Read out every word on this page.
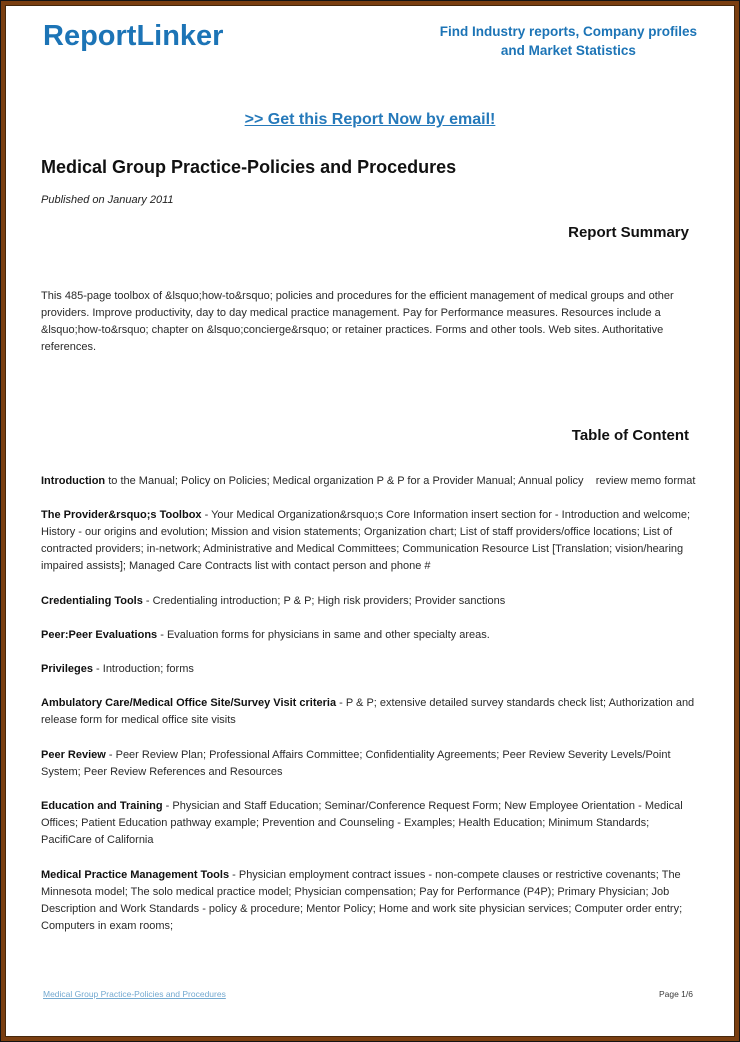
ReportLinker	Find Industry reports, Company profiles
and Market Statistics
>> Get this Report Now by email!
Medical Group Practice-Policies and Procedures
Published on January 2011
Report Summary
This 485-page toolbox of &lsquo;how-to&rsquo; policies and procedures for the efficient management of medical groups and other providers. Improve productivity, day to day medical practice management. Pay for Performance measures. Resources include a &lsquo;how-to&rsquo; chapter on &lsquo;concierge&rsquo; or retainer practices. Forms and other tools. Web sites. Authoritative references.
Table of Content
Introduction to the Manual; Policy on Policies; Medical organization P & P for a Provider Manual; Annual policy    review memo format
The Provider&rsquo;s Toolbox - Your Medical Organization&rsquo;s Core Information insert section for - Introduction and welcome; History - our origins and evolution; Mission and vision statements; Organization chart; List of staff providers/office locations; List of contracted providers; in-network; Administrative and Medical Committees; Communication Resource List [Translation; vision/hearing impaired assists]; Managed Care Contracts list with contact person and phone #
Credentialing Tools - Credentialing introduction; P & P; High risk providers; Provider sanctions
Peer:Peer Evaluations - Evaluation forms for physicians in same and other specialty areas.
Privileges - Introduction; forms
Ambulatory Care/Medical Office Site/Survey Visit criteria - P & P; extensive detailed survey standards check list; Authorization and release form for medical office site visits
Peer Review - Peer Review Plan; Professional Affairs Committee; Confidentiality Agreements; Peer Review Severity Levels/Point System; Peer Review References and Resources
Education and Training - Physician and Staff Education; Seminar/Conference Request Form; New Employee Orientation - Medical Offices; Patient Education pathway example; Prevention and Counseling - Examples; Health Education; Minimum Standards; PacifiCare of California
Medical Practice Management Tools - Physician employment contract issues - non-compete clauses or restrictive covenants; The Minnesota model; The solo medical practice model; Physician compensation; Pay for Performance (P4P); Primary Physician; Job Description and Work Standards - policy & procedure; Mentor Policy; Home and work site physician services; Computer order entry; Computers in exam rooms;
Medical Group Practice-Policies and Procedures	Page 1/6
